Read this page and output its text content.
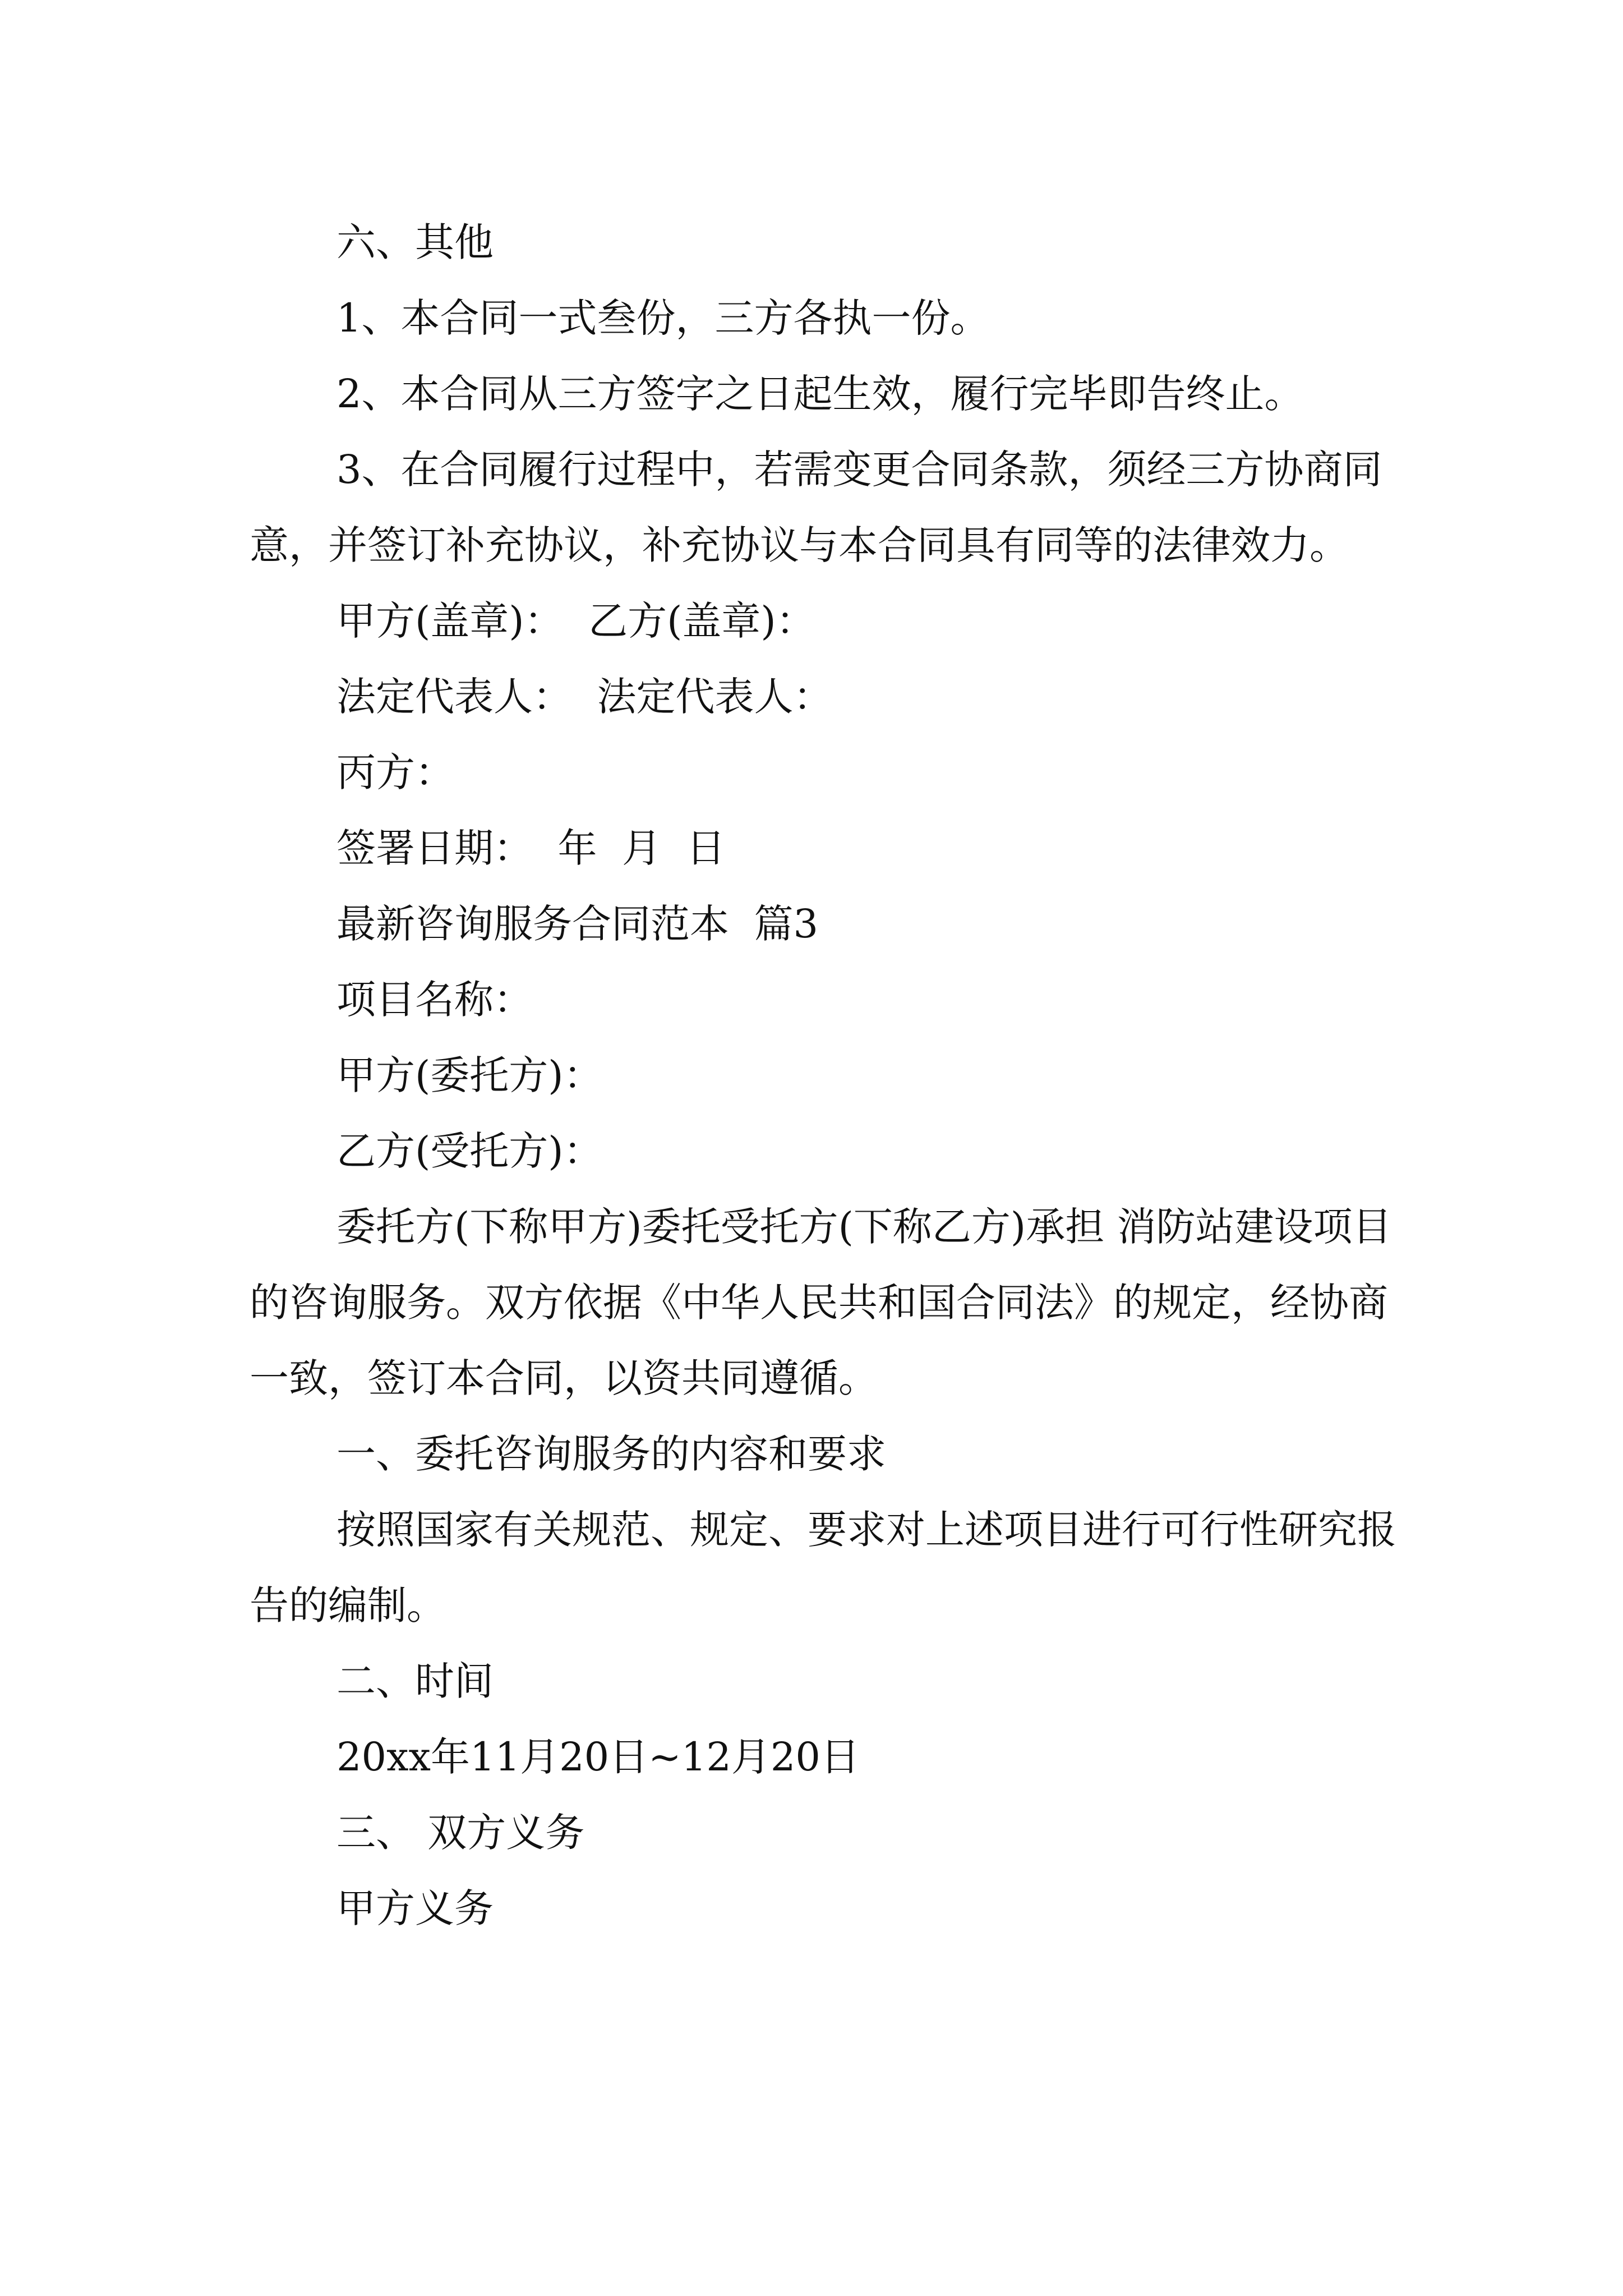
六、其他

1、本合同一式叁份，三方各执一份。

2、本合同从三方签字之日起生效，履行完毕即告终止。

3、在合同履行过程中，若需变更合同条款，须经三方协商同意，并签订补充协议，补充协议与本合同具有同等的法律效力。

甲方(盖章)：  乙方(盖章)：

法定代表人：  法定代表人：

丙方：

签署日期：  年  月  日

最新咨询服务合同范本  篇3

项目名称：

甲方(委托方)：

乙方(受托方)：

委托方(下称甲方)委托受托方(下称乙方)承担 消防站建设项目 的咨询服务。双方依据《中华人民共和国合同法》的规定，经协商一致，签订本合同，以资共同遵循。

一、委托咨询服务的内容和要求

按照国家有关规范、规定、要求对上述项目进行可行性研究报告的编制。

二、时间

20xx年11月20日~12月20日

三、 双方义务

甲方义务
